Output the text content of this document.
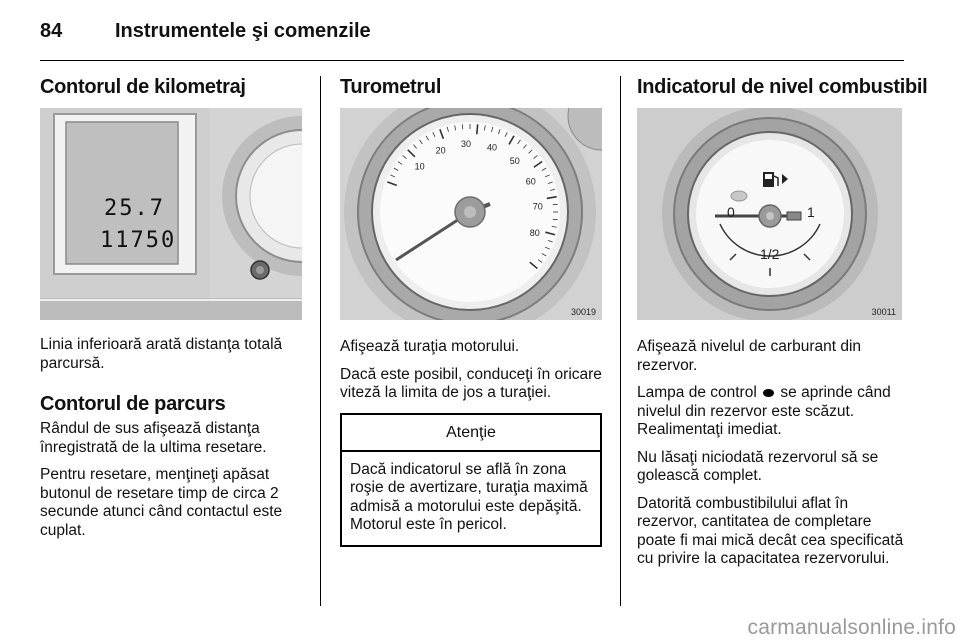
84	Instrumentele şi comenzile
Contorul de kilometraj
25.7
11750

Linia inferioară arată distanţa totală parcursă.

Contorul de parcurs

Rândul de sus afişează distanţa înregistrată de la ultima resetare.

Pentru resetare, menţineţi apăsat butonul de resetare timp de circa 2 secunde atunci când contactul este cuplat.

Turometrul
10
20
30 40
50
60
70
80
30019

Afişează turaţia motorului.

Dacă este posibil, conduceţi în oricare viteză la limita de jos a turaţiei.

Atenţie
Dacă indicatorul se află în zona roşie de avertizare, turaţia maximă admisă a motorului este depăşită. Motorul este în pericol.
Indicatorul de nivel combustibil
0
1/2
1
30011

Afişează nivelul de carburant din rezervor.

Lampa de control se aprinde când nivelul din rezervor este scăzut. Realimentaţi imediat.

Nu lăsaţi niciodată rezervorul să se golească complet.

Datorită combustibilului aflat în rezervor, cantitatea de completare poate fi mai mică decât cea specificată cu privire la capacitatea rezervorului.

carmanualsonline.info
